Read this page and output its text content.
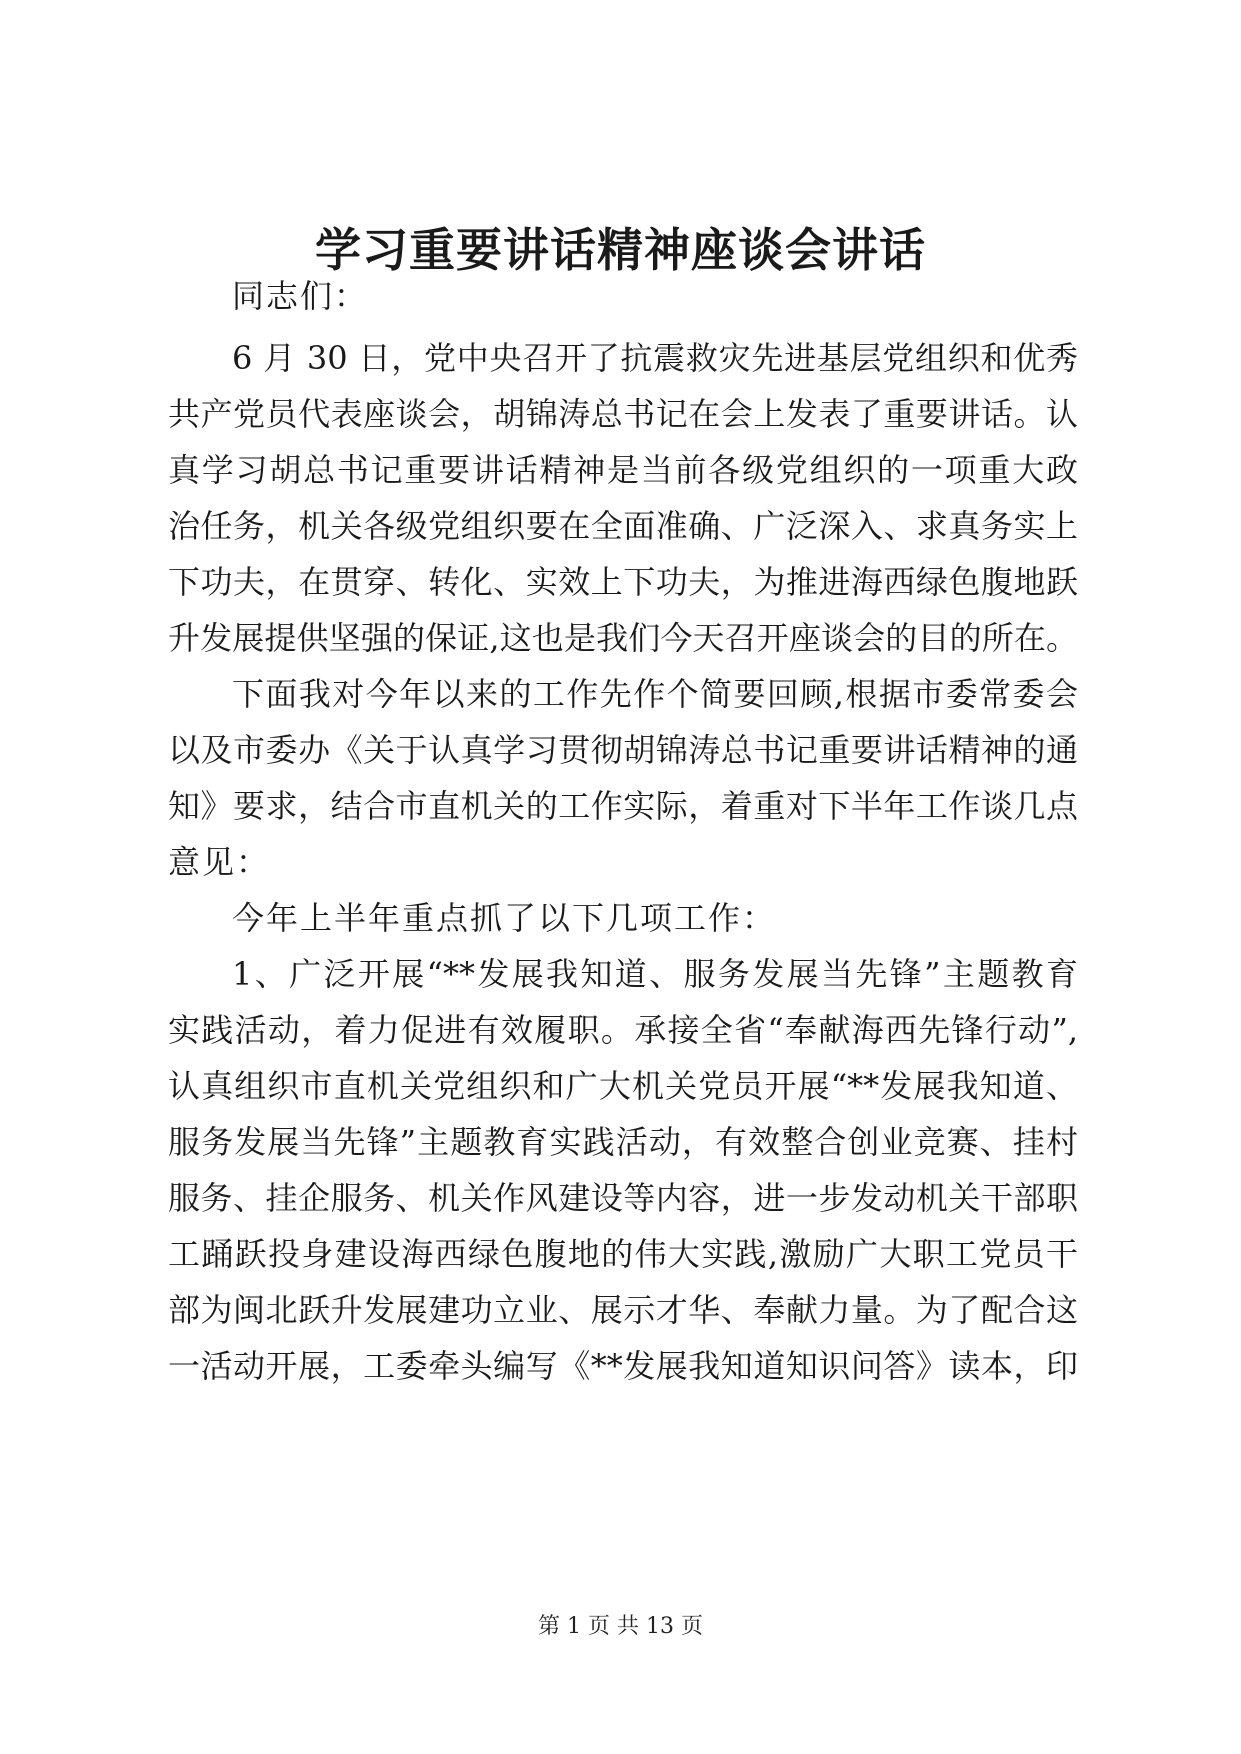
学习重要讲话精神座谈会讲话
同志们：
6 月 30 日，党中央召开了抗震救灾先进基层党组织和优秀
共产党员代表座谈会，胡锦涛总书记在会上发表了重要讲话。认
真学习胡总书记重要讲话精神是当前各级党组织的一项重大政
治任务，机关各级党组织要在全面准确、广泛深入、求真务实上
下功夫，在贯穿、转化、实效上下功夫，为推进海西绿色腹地跃
升发展提供坚强的保证,这也是我们今天召开座谈会的目的所在。
下面我对今年以来的工作先作个简要回顾,根据市委常委会
以及市委办《关于认真学习贯彻胡锦涛总书记重要讲话精神的通
知》要求，结合市直机关的工作实际，着重对下半年工作谈几点
意见：
今年上半年重点抓了以下几项工作：
1、广泛开展“**发展我知道、服务发展当先锋”主题教育
实践活动，着力促进有效履职。承接全省“奉献海西先锋行动”,
认真组织市直机关党组织和广大机关党员开展“**发展我知道、
服务发展当先锋”主题教育实践活动，有效整合创业竞赛、挂村
服务、挂企服务、机关作风建设等内容，进一步发动机关干部职
工踊跃投身建设海西绿色腹地的伟大实践,激励广大职工党员干
部为闽北跃升发展建功立业、展示才华、奉献力量。为了配合这
一活动开展，工委牵头编写《**发展我知道知识问答》读本，印
第 1 页 共 13 页
